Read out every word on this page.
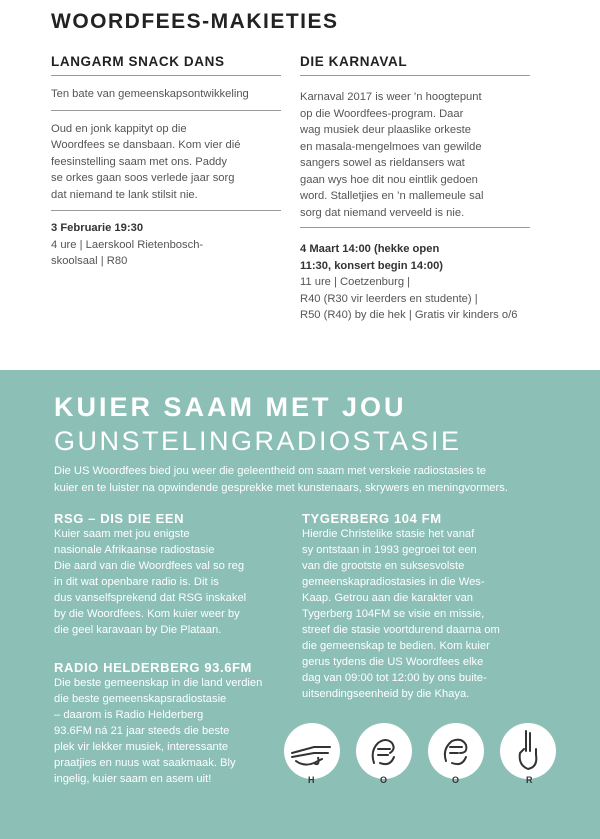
WOORDFEES-MAKIETIES
LANGARM SNACK DANS

Ten bate van gemeenskapsontwikkeling

Oud en jonk kappityt op die

Woordfees se dansbaan. Kom vier dié

feesinstelling saam met ons. Paddy

se orkes gaan soos verlede jaar sorg

dat niemand te lank stilsit nie.

3 Februarie 19:30

4 ure | Laerskool Rietenbosch-

skoolsaal | R80

DIE KARNAVAL

Karnaval 2017 is weer ’n hoogtepunt

op die Woordfees-program. Daar

wag musiek deur plaaslike orkeste

en masala-mengelmoes van gewilde

sangers sowel as rieldansers wat

gaan wys hoe dit nou eintlik gedoen

word. Stalletjies en ’n mallemeule sal

sorg dat niemand verveeld is nie.

4 Maart 14:00 (hekke open

11:30, konsert begin 14:00)

11 ure | Coetzenburg |

R40 (R30 vir leerders en studente) |

R50 (R40) by die hek | Gratis vir kinders o/6

KUIER SAAM MET JOU
GUNSTELINGRADIOSTASIE
Die US Woordfees bied jou weer die geleentheid om saam met verskeie radiostasies te
kuier en te luister na opwindende gesprekke met kunstenaars, skrywers en meningvormers.
RSG – DIS DIE EEN

Kuier saam met jou enigste

nasionale Afrikaanse radiostasie

Die aard van die Woordfees val so reg

in dit wat openbare radio is. Dit is

dus vanselfsprekend dat RSG inskakel

by die Woordfees. Kom kuier weer by

die geel karavaan by Die Plataan.

RADIO HELDERBERG 93.6FM

Die beste gemeenskap in die land verdien

die beste gemeenskapsradiostasie

– daarom is Radio Helderberg

93.6FM ná 21 jaar steeds die beste

plek vir lekker musiek, interessante

praatjies en nuus wat saakmaak. Bly

ingelig, kuier saam en asem uit!

TYGERBERG 104 FM

Hierdie Christelike stasie het vanaf

sy ontstaan in 1993 gegroei tot een

van die grootste en suksesvolste

gemeenskapradiostasies in die Wes-

Kaap. Getrou aan die karakter van

Tygerberg 104FM se visie en missie,

streef die stasie voortdurend daarna om

die gemeenskap te bedien. Kom kuier

gerus tydens die US Woordfees elke

dag van 09:00 tot 12:00 by ons buite-

uitsendingseenheid by die Khaya.

H	O	O	R
